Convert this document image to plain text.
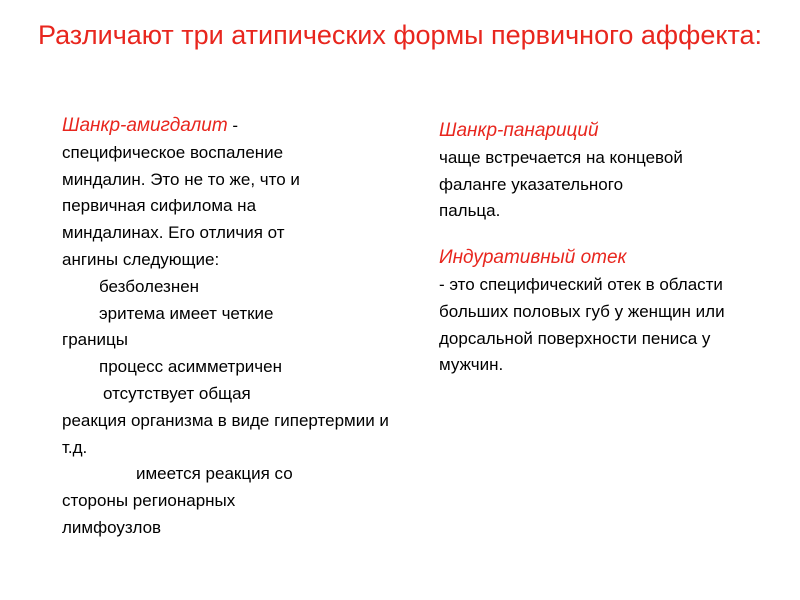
Различают три атипических формы первичного аффекта:

Шанкр-амигдалит -

специфическое воспаление

миндалин. Это не то же, что и

первичная сифилома на

миндалинах. Его отличия от

ангины следующие:

безболезнен

эритема имеет четкие

границы

процесс асимметричен

отсутствует общая

реакция организма в виде гипертермии и т.д.

имеется реакция со

стороны регионарных лимфоузлов

Шанкр-панариций

чаще встречается на концевой фаланге указательного пальца.

Индуративный отек

- это специфический отек в области больших половых губ у женщин или дорсальной поверхности пениса у мужчин.
